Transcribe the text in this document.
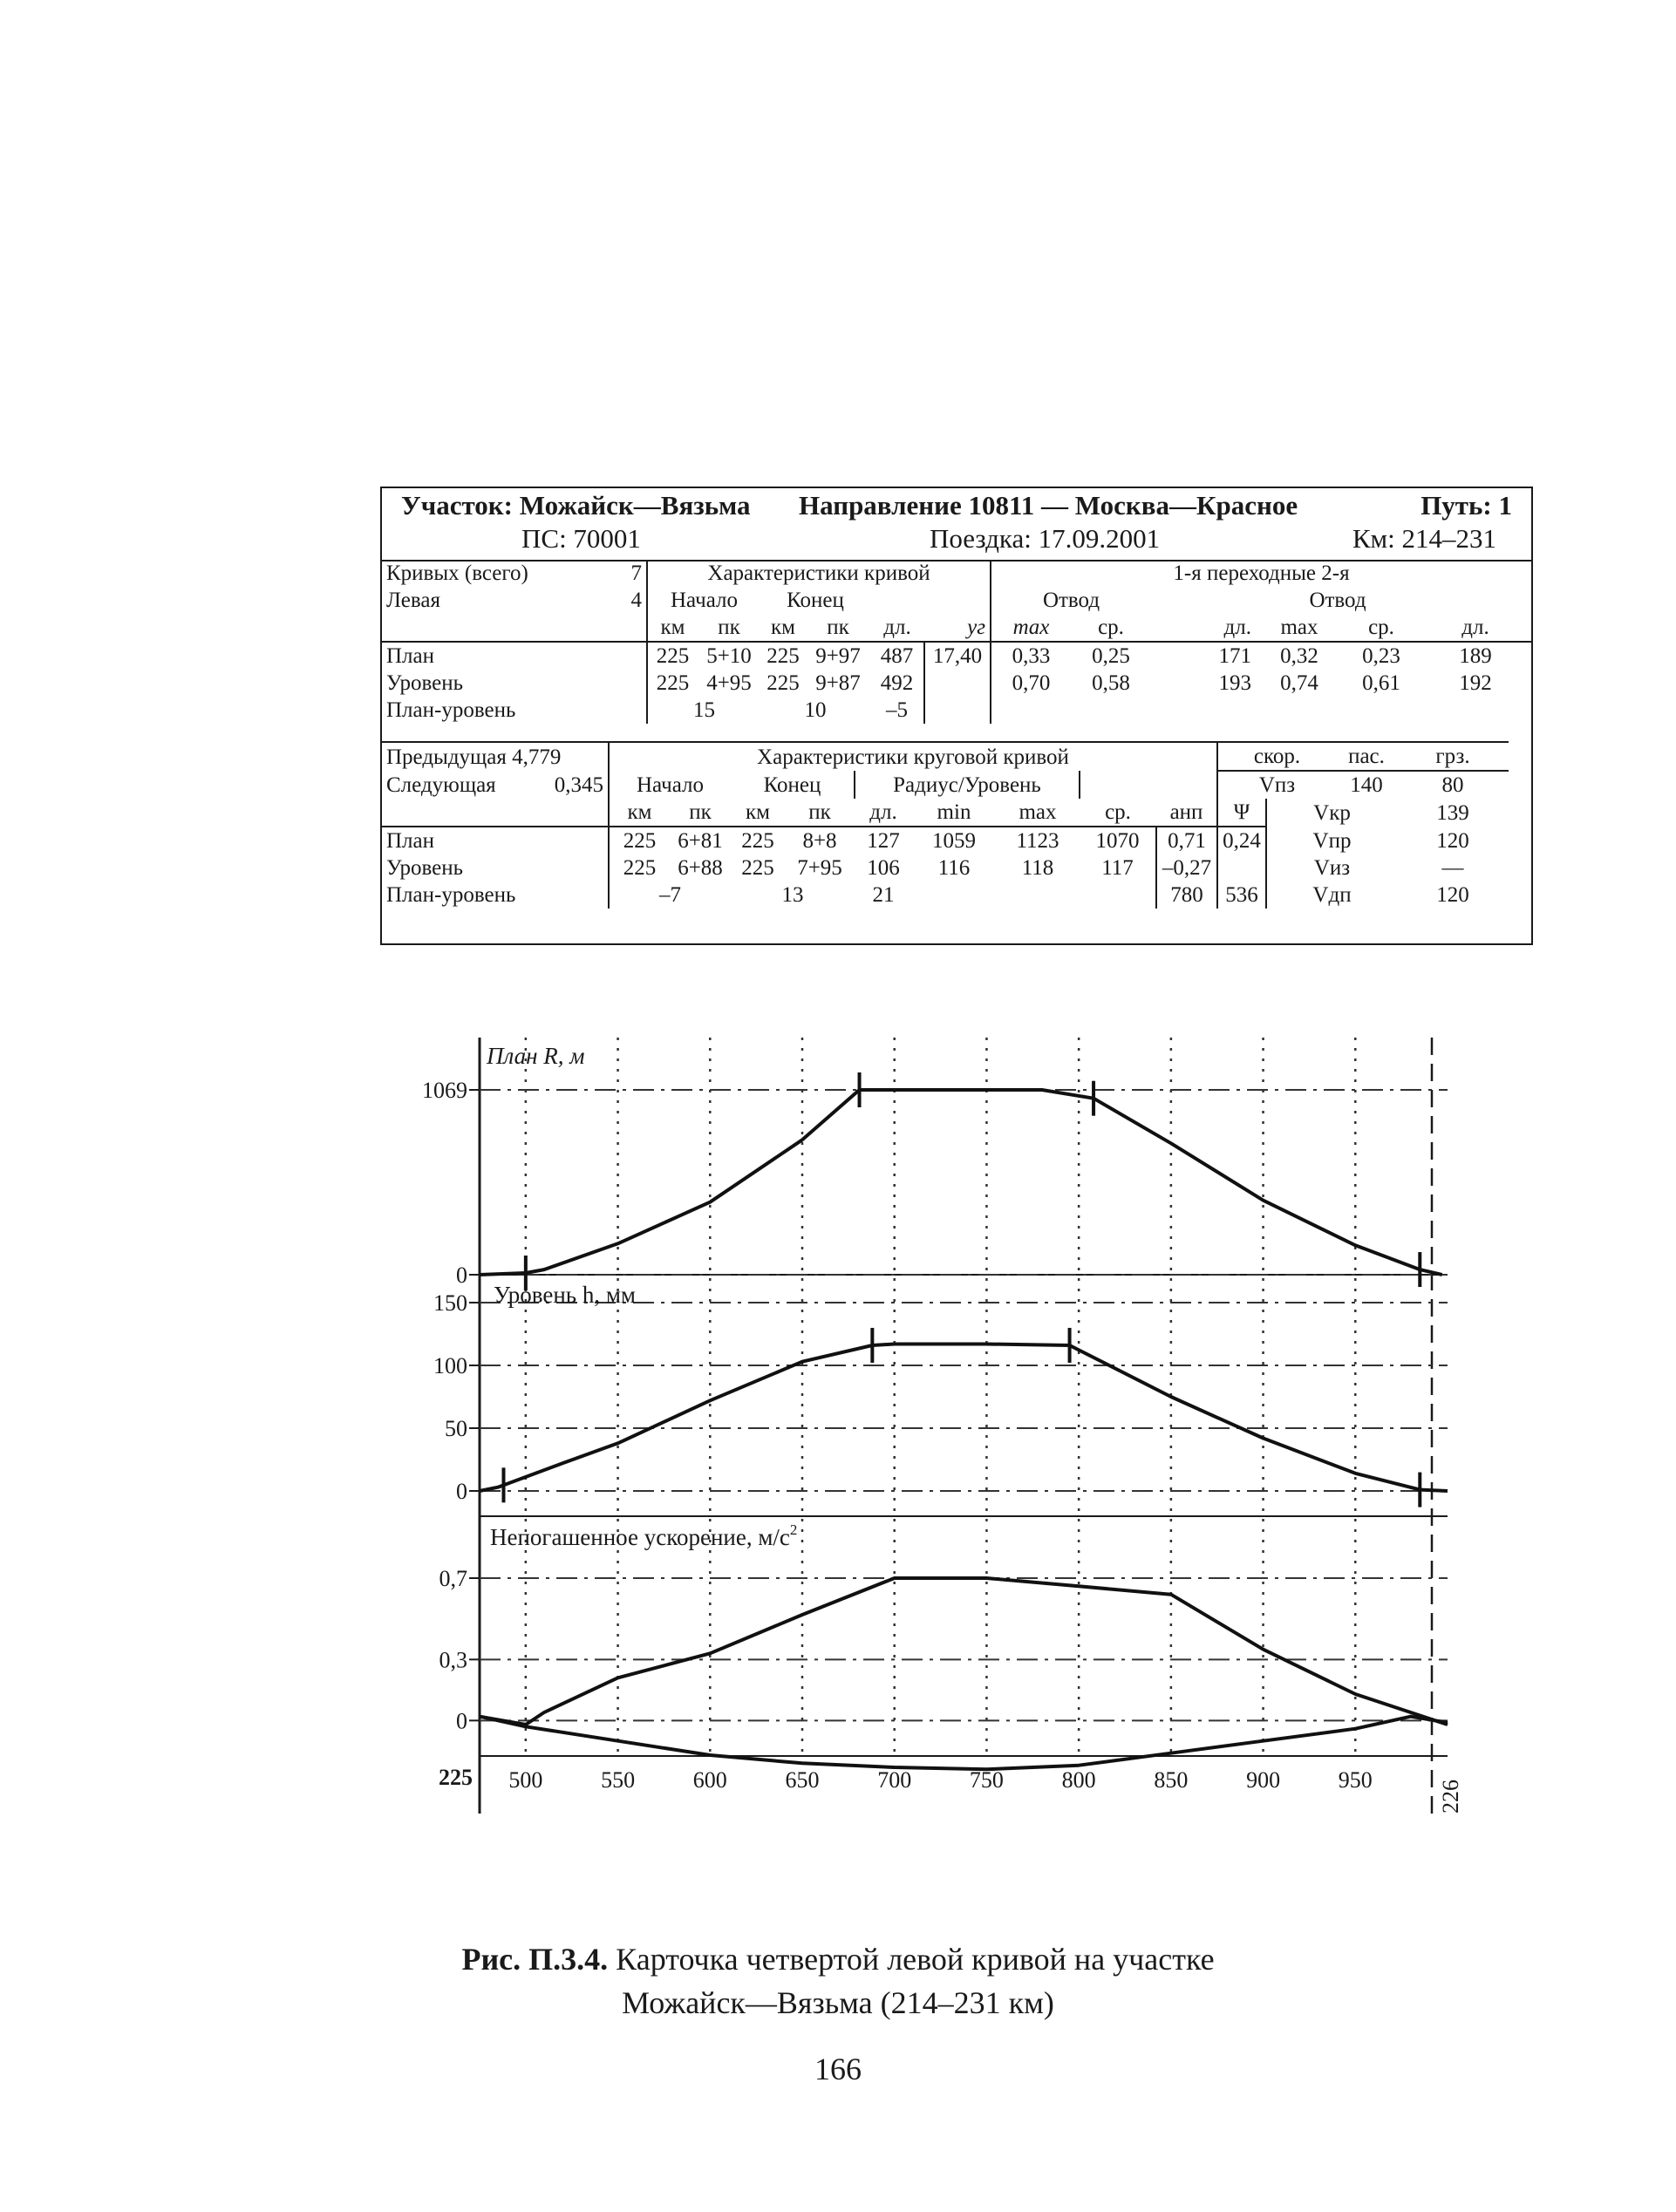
Участок: Можайск—Вязьма Направление 10811 — Москва—Красное	Путь: 1
ПС: 70001	Поездка: 17.09.2001	Км: 214–231
Кривых (всего) 7	Характеристики кривой						1-я переходные 2-я					
Левая 4	Начало		Конец				Отвод			Отвод		
	км	пк	км	пк	дл.	уг	max	ср.	дл.	max	ср.	дл.
План	225	5+10	225	9+97	487	17,40	0,33	0,25	171	0,32	0,23	189
Уровень	225	4+95	225	9+87	492		0,70	0,58	193	0,74	0,61	192
План-уровень	15		10		–5							
Предыдущая 4,779	Характеристики круговой кривой									скор.		пас.	грз.	
Следующая 0,345	Начало		Конец		Радиус/Уровень					Vпз		140	80	
	км	пк	км	пк	дл.	min	max	ср.	aнп	Ψ	Vкр		139	
План	225	6+81	225	8+8	127	1059	1123	1070	0,71	0,24	Vпр		120	
Уровень	225	6+88	225	7+95	106	116	118	117	–0,27		Vиз		—	
План-уровень	–7		13		21				780	536	Vдп		120	
План R, м
Уровень h, мм
Непогашенное ускорение, $м/с^2$
225
226
500	550	600	650	700	750	800	850	900	950
1069
0
150
100
50
0
0,7
0,3
0
Рис. П.3.4. Карточка четвертой левой кривой на участке
Можайск—Вязьма (214–231 км)
166
